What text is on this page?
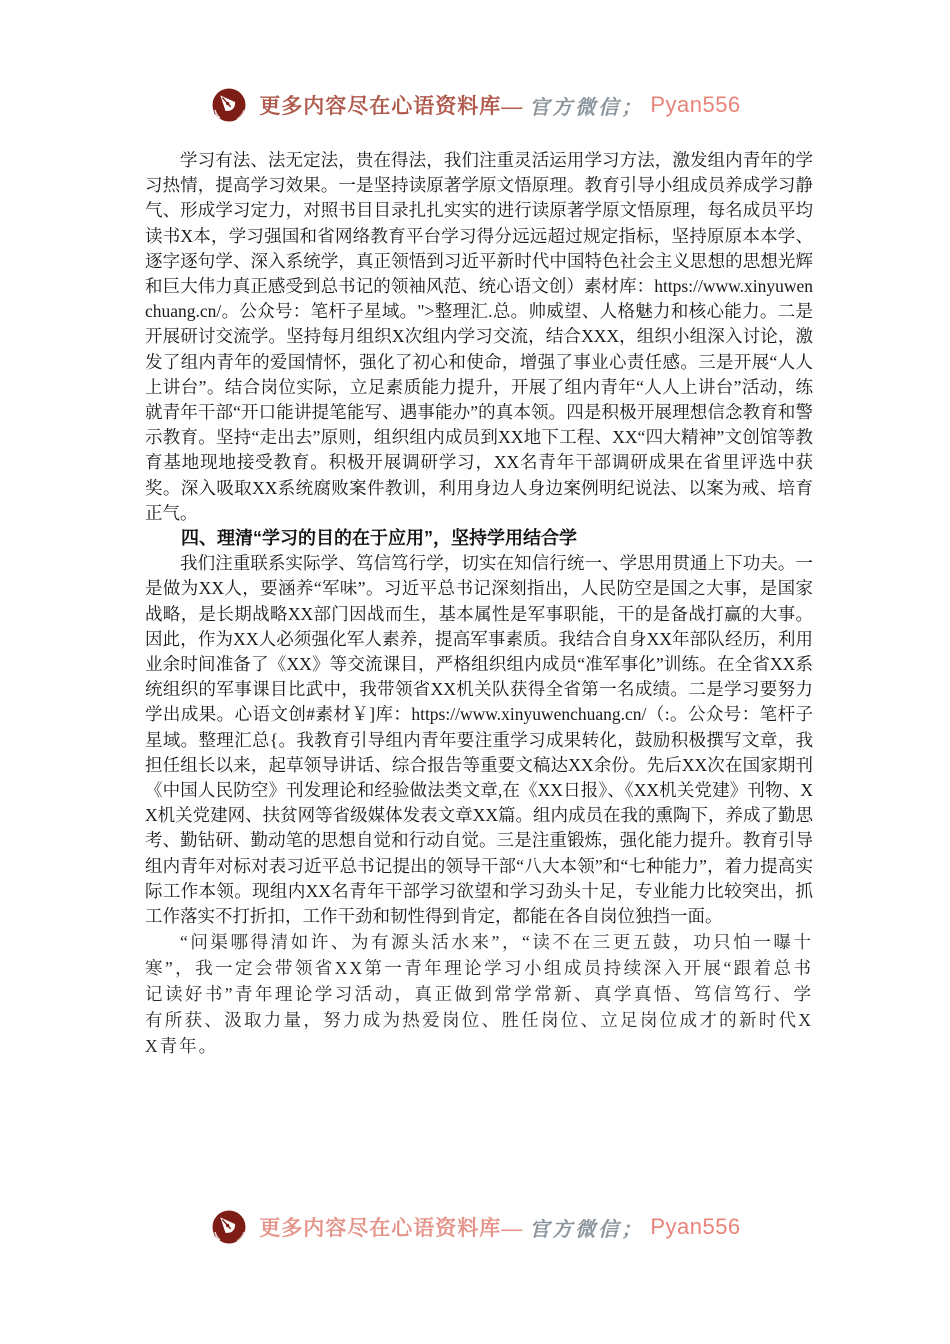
更多内容尽在心语资料库— 官方微信； Pyan556

学习有法、法无定法，贵在得法，我们注重灵活运用学习方法，激发组内青年的学习热情，提高学习效果。一是坚持读原著学原文悟原理。教育引导小组成员养成学习静气、形成学习定力，对照书目目录扎扎实实的进行读原著学原文悟原理，每名成员平均读书X本，学习强国和省网络教育平台学习得分远远超过规定指标，坚持原原本本学、逐字逐句学、深入系统学，真正领悟到习近平新时代中国特色社会主义思想的思想光辉和巨大伟力真正感受到总书记的领袖风范、统心语文创）素材库：https://www.xinyuwenchuang.cn/。公众号：笔杆子星域。">整理汇.总。帅威望、人格魅力和核心能力。二是开展研讨交流学。坚持每月组织X次组内学习交流，结合XXX，组织小组深入讨论，激发了组内青年的爱国情怀，强化了初心和使命，增强了事业心责任感。三是开展“人人上讲台”。结合岗位实际，立足素质能力提升，开展了组内青年“人人上讲台”活动，练就青年干部“开口能讲提笔能写、遇事能办”的真本领。四是积极开展理想信念教育和警示教育。坚持“走出去”原则，组织组内成员到XX地下工程、XX“四大精神”文创馆等教育基地现地接受教育。积极开展调研学习，XX名青年干部调研成果在省里评选中获奖。深入吸取XX系统腐败案件教训，利用身边人身边案例明纪说法、以案为戒、培育正气。

四、理清“学习的目的在于应用”，坚持学用结合学

我们注重联系实际学、笃信笃行学，切实在知信行统一、学思用贯通上下功夫。一是做为XX人，要涵养“军味”。习近平总书记深刻指出，人民防空是国之大事，是国家战略，是长期战略XX部门因战而生，基本属性是军事职能，干的是备战打赢的大事。因此，作为XX人必须强化军人素养，提高军事素质。我结合自身XX年部队经历，利用业余时间准备了《XX》等交流课目，严格组织组内成员“准军事化”训练。在全省XX系统组织的军事课目比武中，我带领省XX机关队获得全省第一名成绩。二是学习要努力学出成果。心语文创#素材￥]库：https://www.xinyuwenchuang.cn/（:。公众号：笔杆子星域。整理汇总{。我教育引导组内青年要注重学习成果转化，鼓励积极撰写文章，我担任组长以来，起草领导讲话、综合报告等重要文稿达XX余份。先后XX次在国家期刊《中国人民防空》刊发理论和经验做法类文章,在《XX日报》、《XX机关党建》刊物、XX机关党建网、扶贫网等省级媒体发表文章XX篇。组内成员在我的熏陶下，养成了勤思考、勤钻研、勤动笔的思想自觉和行动自觉。三是注重锻炼，强化能力提升。教育引导组内青年对标对表习近平总书记提出的领导干部“八大本领”和“七种能力”，着力提高实际工作本领。现组内XX名青年干部学习欲望和学习劲头十足，专业能力比较突出，抓工作落实不打折扣，工作干劲和韧性得到肯定，都能在各自岗位独挡一面。

“问渠哪得清如许、为有源头活水来”，“读不在三更五鼓，功只怕一曝十寒”，我一定会带领省XX第一青年理论学习小组成员持续深入开展“跟着总书记读好书”青年理论学习活动，真正做到常学常新、真学真悟、笃信笃行、学有所获、汲取力量，努力成为热爱岗位、胜任岗位、立足岗位成才的新时代XX青年。

更多内容尽在心语资料库— 官方微信； Pyan556
